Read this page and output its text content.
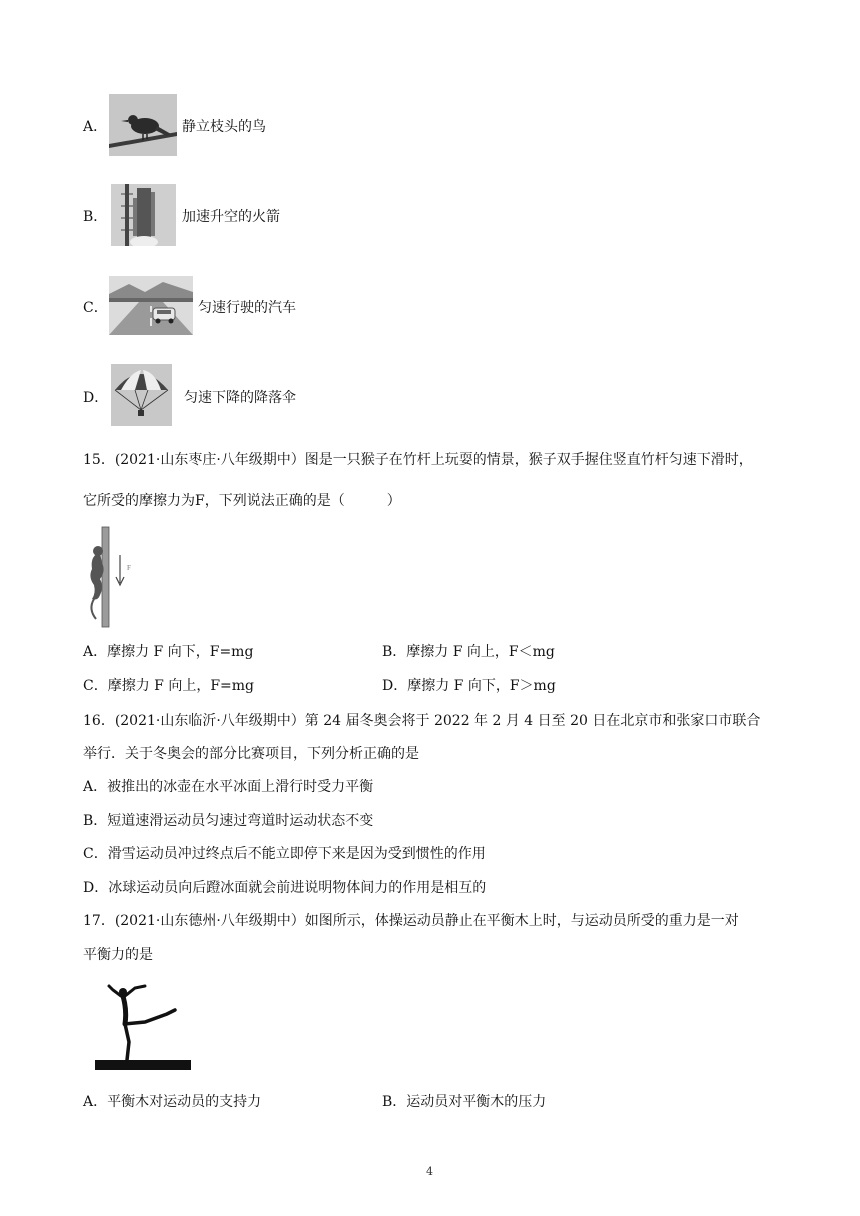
A．	静立枝头的鸟
B．	加速升空的火箭
C．	匀速行驶的汽车
D．	匀速下降的降落伞
15．(2021·山东枣庄·八年级期中）图是一只猴子在竹杆上玩耍的情景，猴子双手握住竖直竹杆匀速下滑时，
它所受的摩擦力为F，下列说法正确的是（　　　）
F
A．摩擦力 F 向下，F=mg	B．摩擦力 F 向上，F＜mg
C．摩擦力 F 向上，F=mg	D．摩擦力 F 向下，F＞mg
16．(2021·山东临沂·八年级期中）第 24 届冬奥会将于 2022 年 2 月 4 日至 20 日在北京市和张家口市联合
举行．关于冬奥会的部分比赛项目，下列分析正确的是
A．被推出的冰壶在水平冰面上滑行时受力平衡
B．短道速滑运动员匀速过弯道时运动状态不变
C．滑雪运动员冲过终点后不能立即停下来是因为受到惯性的作用
D．冰球运动员向后蹬冰面就会前进说明物体间力的作用是相互的
17．(2021·山东德州·八年级期中）如图所示，体操运动员静止在平衡木上时，与运动员所受的重力是一对
平衡力的是
A．平衡木对运动员的支持力	B．运动员对平衡木的压力
4
